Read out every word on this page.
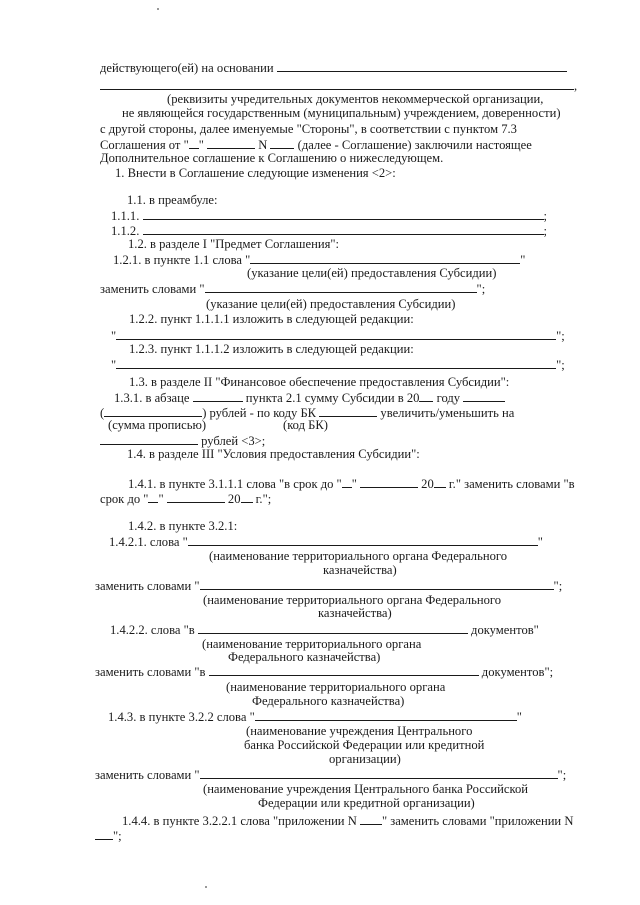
действующего(ей) на основании
,
(реквизиты учредительных документов некоммерческой организации,
не являющейся государственным (муниципальным) учреждением, доверенности)
с другой стороны, далее именуемые "Стороны", в соответствии с пунктом 7.3
Соглашения от " "	N (далее - Соглашение) заключили настоящее
Дополнительное соглашение к Соглашению о нижеследующем.
1. Внести в Соглашение следующие изменения <2>:
1.1. в преамбуле:
1.1.1.	;
1.1.2.	;
1.2. в разделе I "Предмет Соглашения":
1.2.1. в пункте 1.1 слова "	"
(указание цели(ей) предоставления Субсидии)
заменить словами "	";
(указание цели(ей) предоставления Субсидии)
1.2.2. пункт 1.1.1.1 изложить в следующей редакции:
"	";
1.2.3. пункт 1.1.1.2 изложить в следующей редакции:
"	";
1.3. в разделе II "Финансовое обеспечение предоставления Субсидии":
1.3.1. в абзаце	пункта 2.1 сумму Субсидии в 20 году
(	) рублей - по коду БК	увеличить/уменьшить на
(сумма прописью)	(код БК)
рублей <3>;
1.4. в разделе III "Условия предоставления Субсидии":
1.4.1. в пункте 3.1.1.1 слова "в срок до " "	20 г." заменить словами "в
срок до " "	20 г.";
1.4.2. в пункте 3.2.1:
1.4.2.1. слова "	"
(наименование территориального органа Федерального
казначейства)
заменить словами "	";
(наименование территориального органа Федерального
казначейства)
1.4.2.2. слова "в	документов"
(наименование территориального органа
Федерального казначейства)
заменить словами "в	документов";
(наименование территориального органа
Федерального казначейства)
1.4.3. в пункте 3.2.2 слова "	"
(наименование учреждения Центрального
банка Российской Федерации или кредитной
организации)
заменить словами "	";
(наименование учреждения Центрального банка Российской
Федерации или кредитной организации)
1.4.4. в пункте 3.2.2.1 слова "приложении N " заменить словами "приложении N
";
